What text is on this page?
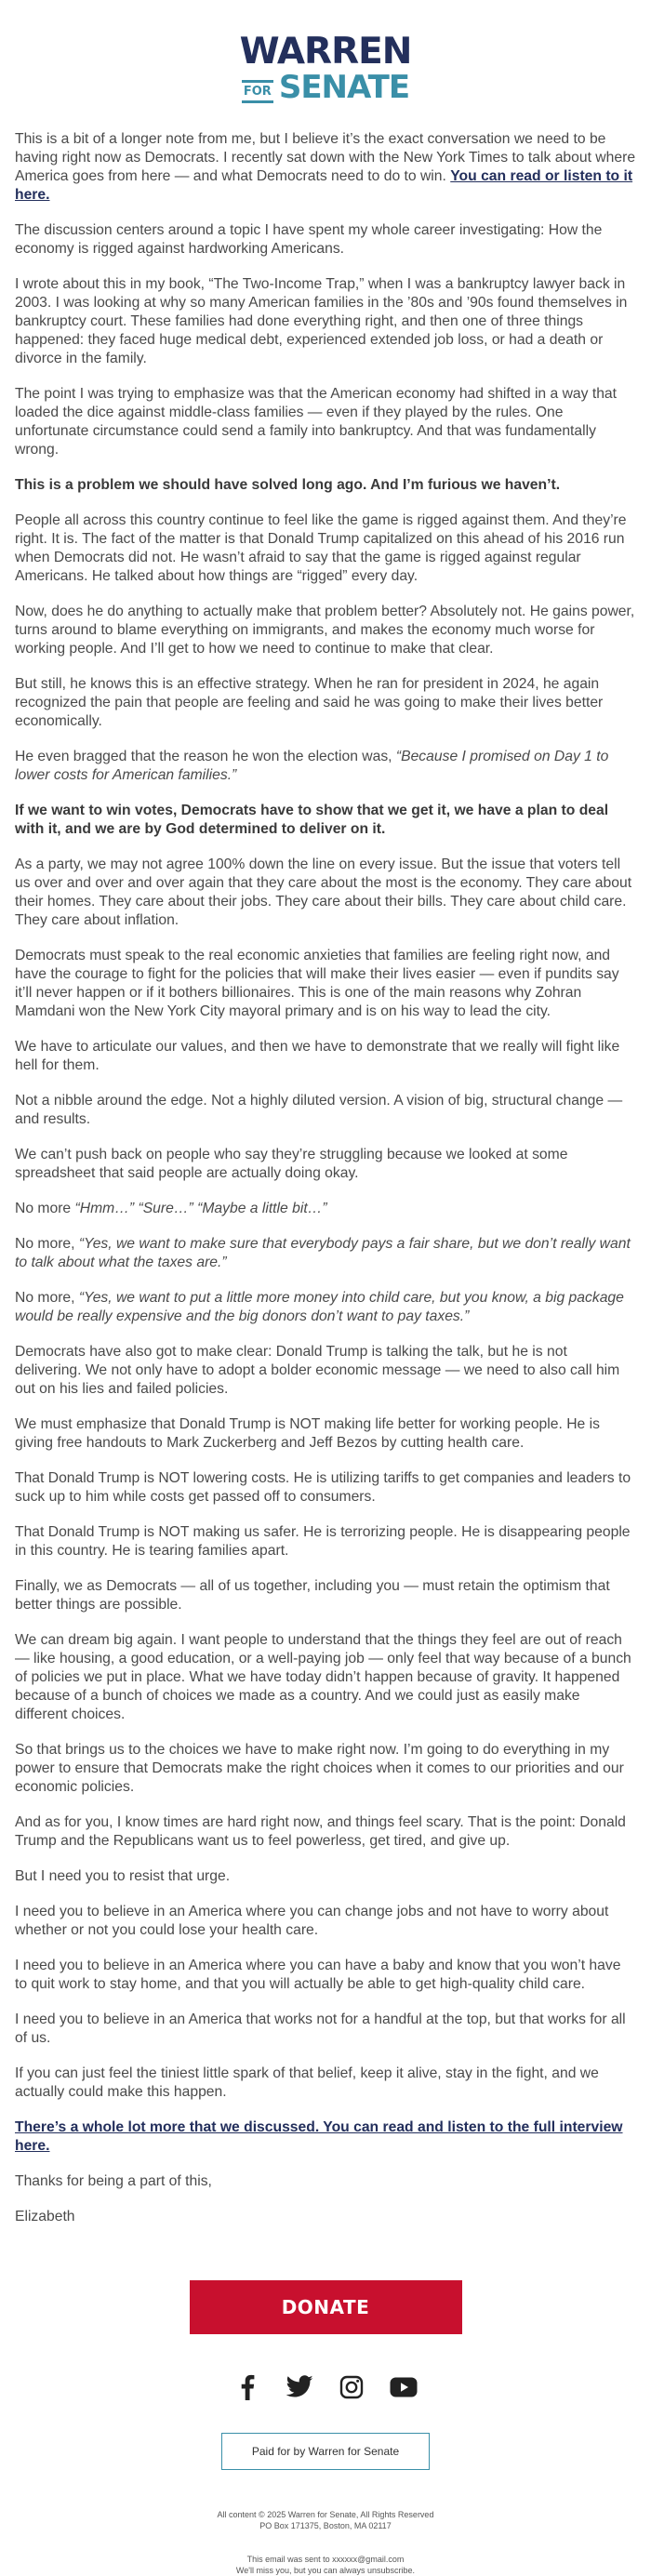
WARREN
FOR SENATE

This is a bit of a longer note from me, but I believe it’s the exact conversation we need to be having right now as Democrats. I recently sat down with the New York Times to talk about where America goes from here — and what Democrats need to do to win. You can read or listen to it here.

The discussion centers around a topic I have spent my whole career investigating: How the economy is rigged against hardworking Americans.

I wrote about this in my book, “The Two-Income Trap,” when I was a bankruptcy lawyer back in 2003. I was looking at why so many American families in the ’80s and ’90s found themselves in bankruptcy court. These families had done everything right, and then one of three things happened: they faced huge medical debt, experienced extended job loss, or had a death or divorce in the family.

The point I was trying to emphasize was that the American economy had shifted in a way that loaded the dice against middle-class families — even if they played by the rules. One unfortunate circumstance could send a family into bankruptcy. And that was fundamentally wrong.

This is a problem we should have solved long ago. And I’m furious we haven’t.

People all across this country continue to feel like the game is rigged against them. And they’re right. It is. The fact of the matter is that Donald Trump capitalized on this ahead of his 2016 run when Democrats did not. He wasn’t afraid to say that the game is rigged against regular Americans. He talked about how things are “rigged” every day.

Now, does he do anything to actually make that problem better? Absolutely not. He gains power, turns around to blame everything on immigrants, and makes the economy much worse for working people. And I’ll get to how we need to continue to make that clear.

But still, he knows this is an effective strategy. When he ran for president in 2024, he again recognized the pain that people are feeling and said he was going to make their lives better economically.

He even bragged that the reason he won the election was, “Because I promised on Day 1 to lower costs for American families.”

If we want to win votes, Democrats have to show that we get it, we have a plan to deal with it, and we are by God determined to deliver on it.

As a party, we may not agree 100% down the line on every issue. But the issue that voters tell us over and over and over again that they care about the most is the economy. They care about their homes. They care about their jobs. They care about their bills. They care about child care. They care about inflation.

Democrats must speak to the real economic anxieties that families are feeling right now, and have the courage to fight for the policies that will make their lives easier — even if pundits say it’ll never happen or if it bothers billionaires. This is one of the main reasons why Zohran Mamdani won the New York City mayoral primary and is on his way to lead the city.

We have to articulate our values, and then we have to demonstrate that we really will fight like hell for them.

Not a nibble around the edge. Not a highly diluted version. A vision of big, structural change — and results.

We can’t push back on people who say they’re struggling because we looked at some spreadsheet that said people are actually doing okay.

No more “Hmm…” “Sure…” “Maybe a little bit…”

No more, “Yes, we want to make sure that everybody pays a fair share, but we don’t really want to talk about what the taxes are.”

No more, “Yes, we want to put a little more money into child care, but you know, a big package would be really expensive and the big donors don’t want to pay taxes.”

Democrats have also got to make clear: Donald Trump is talking the talk, but he is not delivering. We not only have to adopt a bolder economic message — we need to also call him out on his lies and failed policies.

We must emphasize that Donald Trump is NOT making life better for working people. He is giving free handouts to Mark Zuckerberg and Jeff Bezos by cutting health care.

That Donald Trump is NOT lowering costs. He is utilizing tariffs to get companies and leaders to suck up to him while costs get passed off to consumers.

That Donald Trump is NOT making us safer. He is terrorizing people. He is disappearing people in this country. He is tearing families apart.

Finally, we as Democrats — all of us together, including you — must retain the optimism that better things are possible.

We can dream big again. I want people to understand that the things they feel are out of reach — like housing, a good education, or a well-paying job — only feel that way because of a bunch of policies we put in place. What we have today didn’t happen because of gravity. It happened because of a bunch of choices we made as a country. And we could just as easily make different choices.

So that brings us to the choices we have to make right now. I’m going to do everything in my power to ensure that Democrats make the right choices when it comes to our priorities and our economic policies.

And as for you, I know times are hard right now, and things feel scary. That is the point: Donald Trump and the Republicans want us to feel powerless, get tired, and give up.

But I need you to resist that urge.

I need you to believe in an America where you can change jobs and not have to worry about whether or not you could lose your health care.

I need you to believe in an America where you can have a baby and know that you won’t have to quit work to stay home, and that you will actually be able to get high-quality child care.

I need you to believe in an America that works not for a handful at the top, but that works for all of us.

If you can just feel the tiniest little spark of that belief, keep it alive, stay in the fight, and we actually could make this happen.

There’s a whole lot more that we discussed. You can read and listen to the full interview here.

Thanks for being a part of this,

Elizabeth

DONATE
Paid for by Warren for Senate
All content © 2025 Warren for Senate, All Rights Reserved
PO Box 171375, Boston, MA 02117
This email was sent to xxxxxx@gmail.com
We'll miss you, but you can always unsubscribe.
